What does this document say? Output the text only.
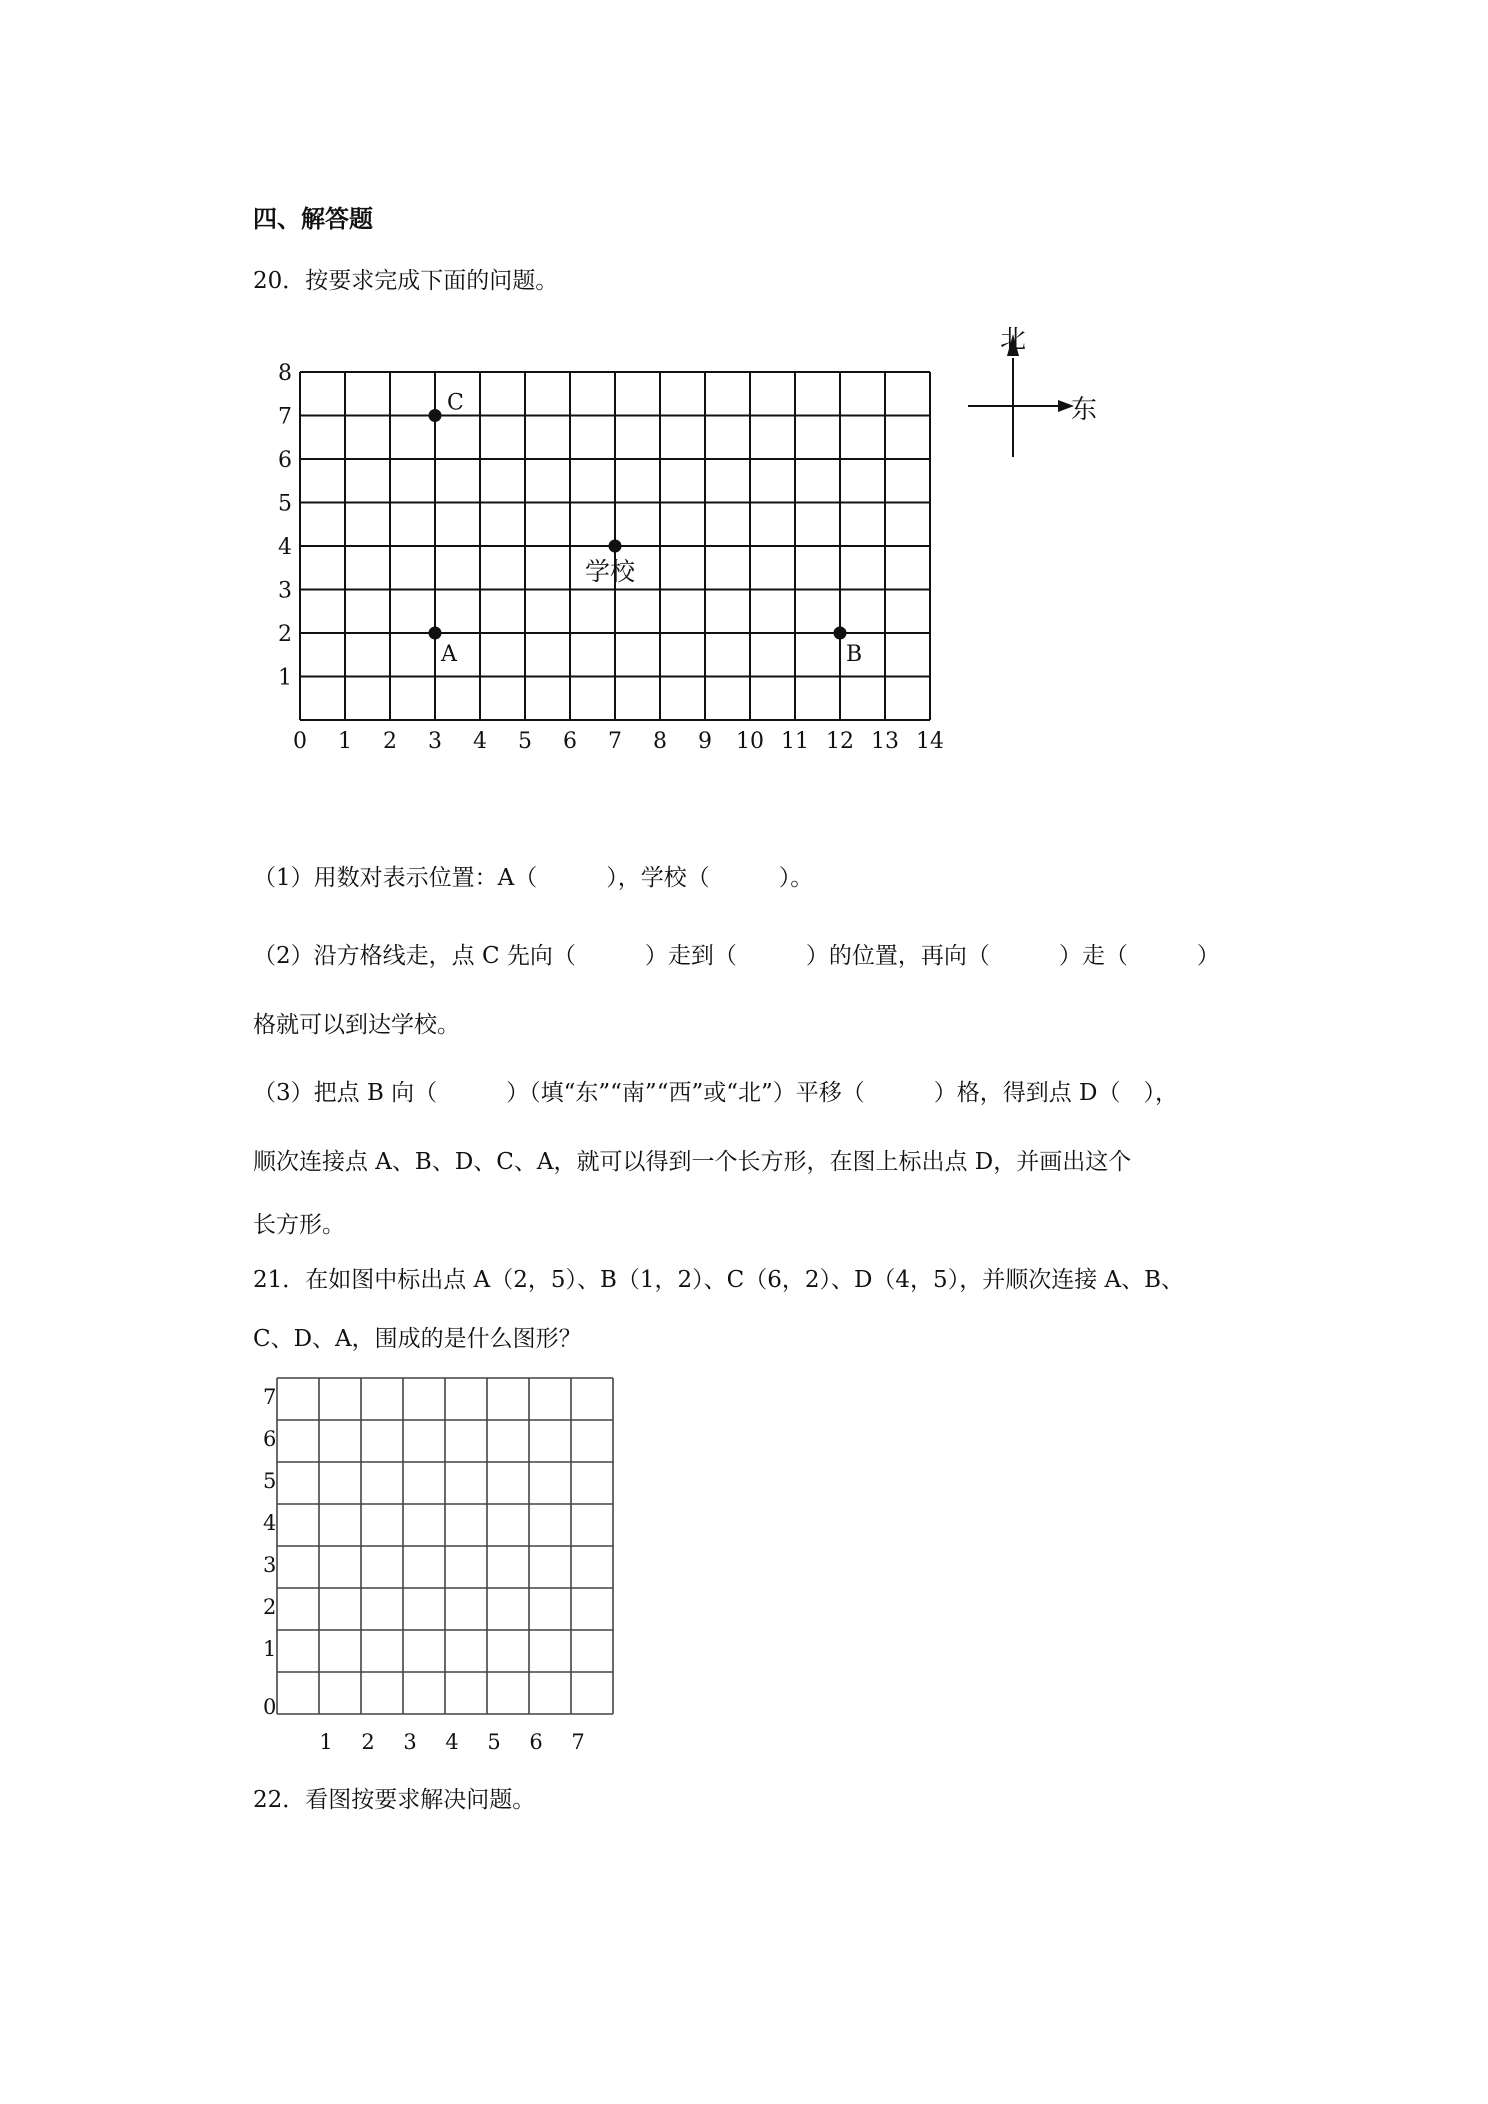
四、解答题
20．按要求完成下面的问题。
8
7
6
5
4
3
2
1
0 1 2 3 4 5 6 7 8 9 10 11 12 13 14
C
学校
A	B
北
东
（1）用数对表示位置：A（　　　），学校（　　　）。
（2）沿方格线走，点 C 先向（　　　）走到（　　　）的位置，再向（　　　）走（　　　）
格就可以到达学校。
（3）把点 B 向（　　　）（填“东”“南”“西”或“北”）平移（　　　）格，得到点 D（　），
顺次连接点 A、B、D、C、A，就可以得到一个长方形，在图上标出点 D，并画出这个
长方形。
21．在如图中标出点 A（2，5）、B（1，2）、C（6，2）、D（4，5），并顺次连接 A、B、
C、D、A，围成的是什么图形？
7
6
5
4
3
2
1
0
1 2 3 4 5 6 7
22．看图按要求解决问题。
